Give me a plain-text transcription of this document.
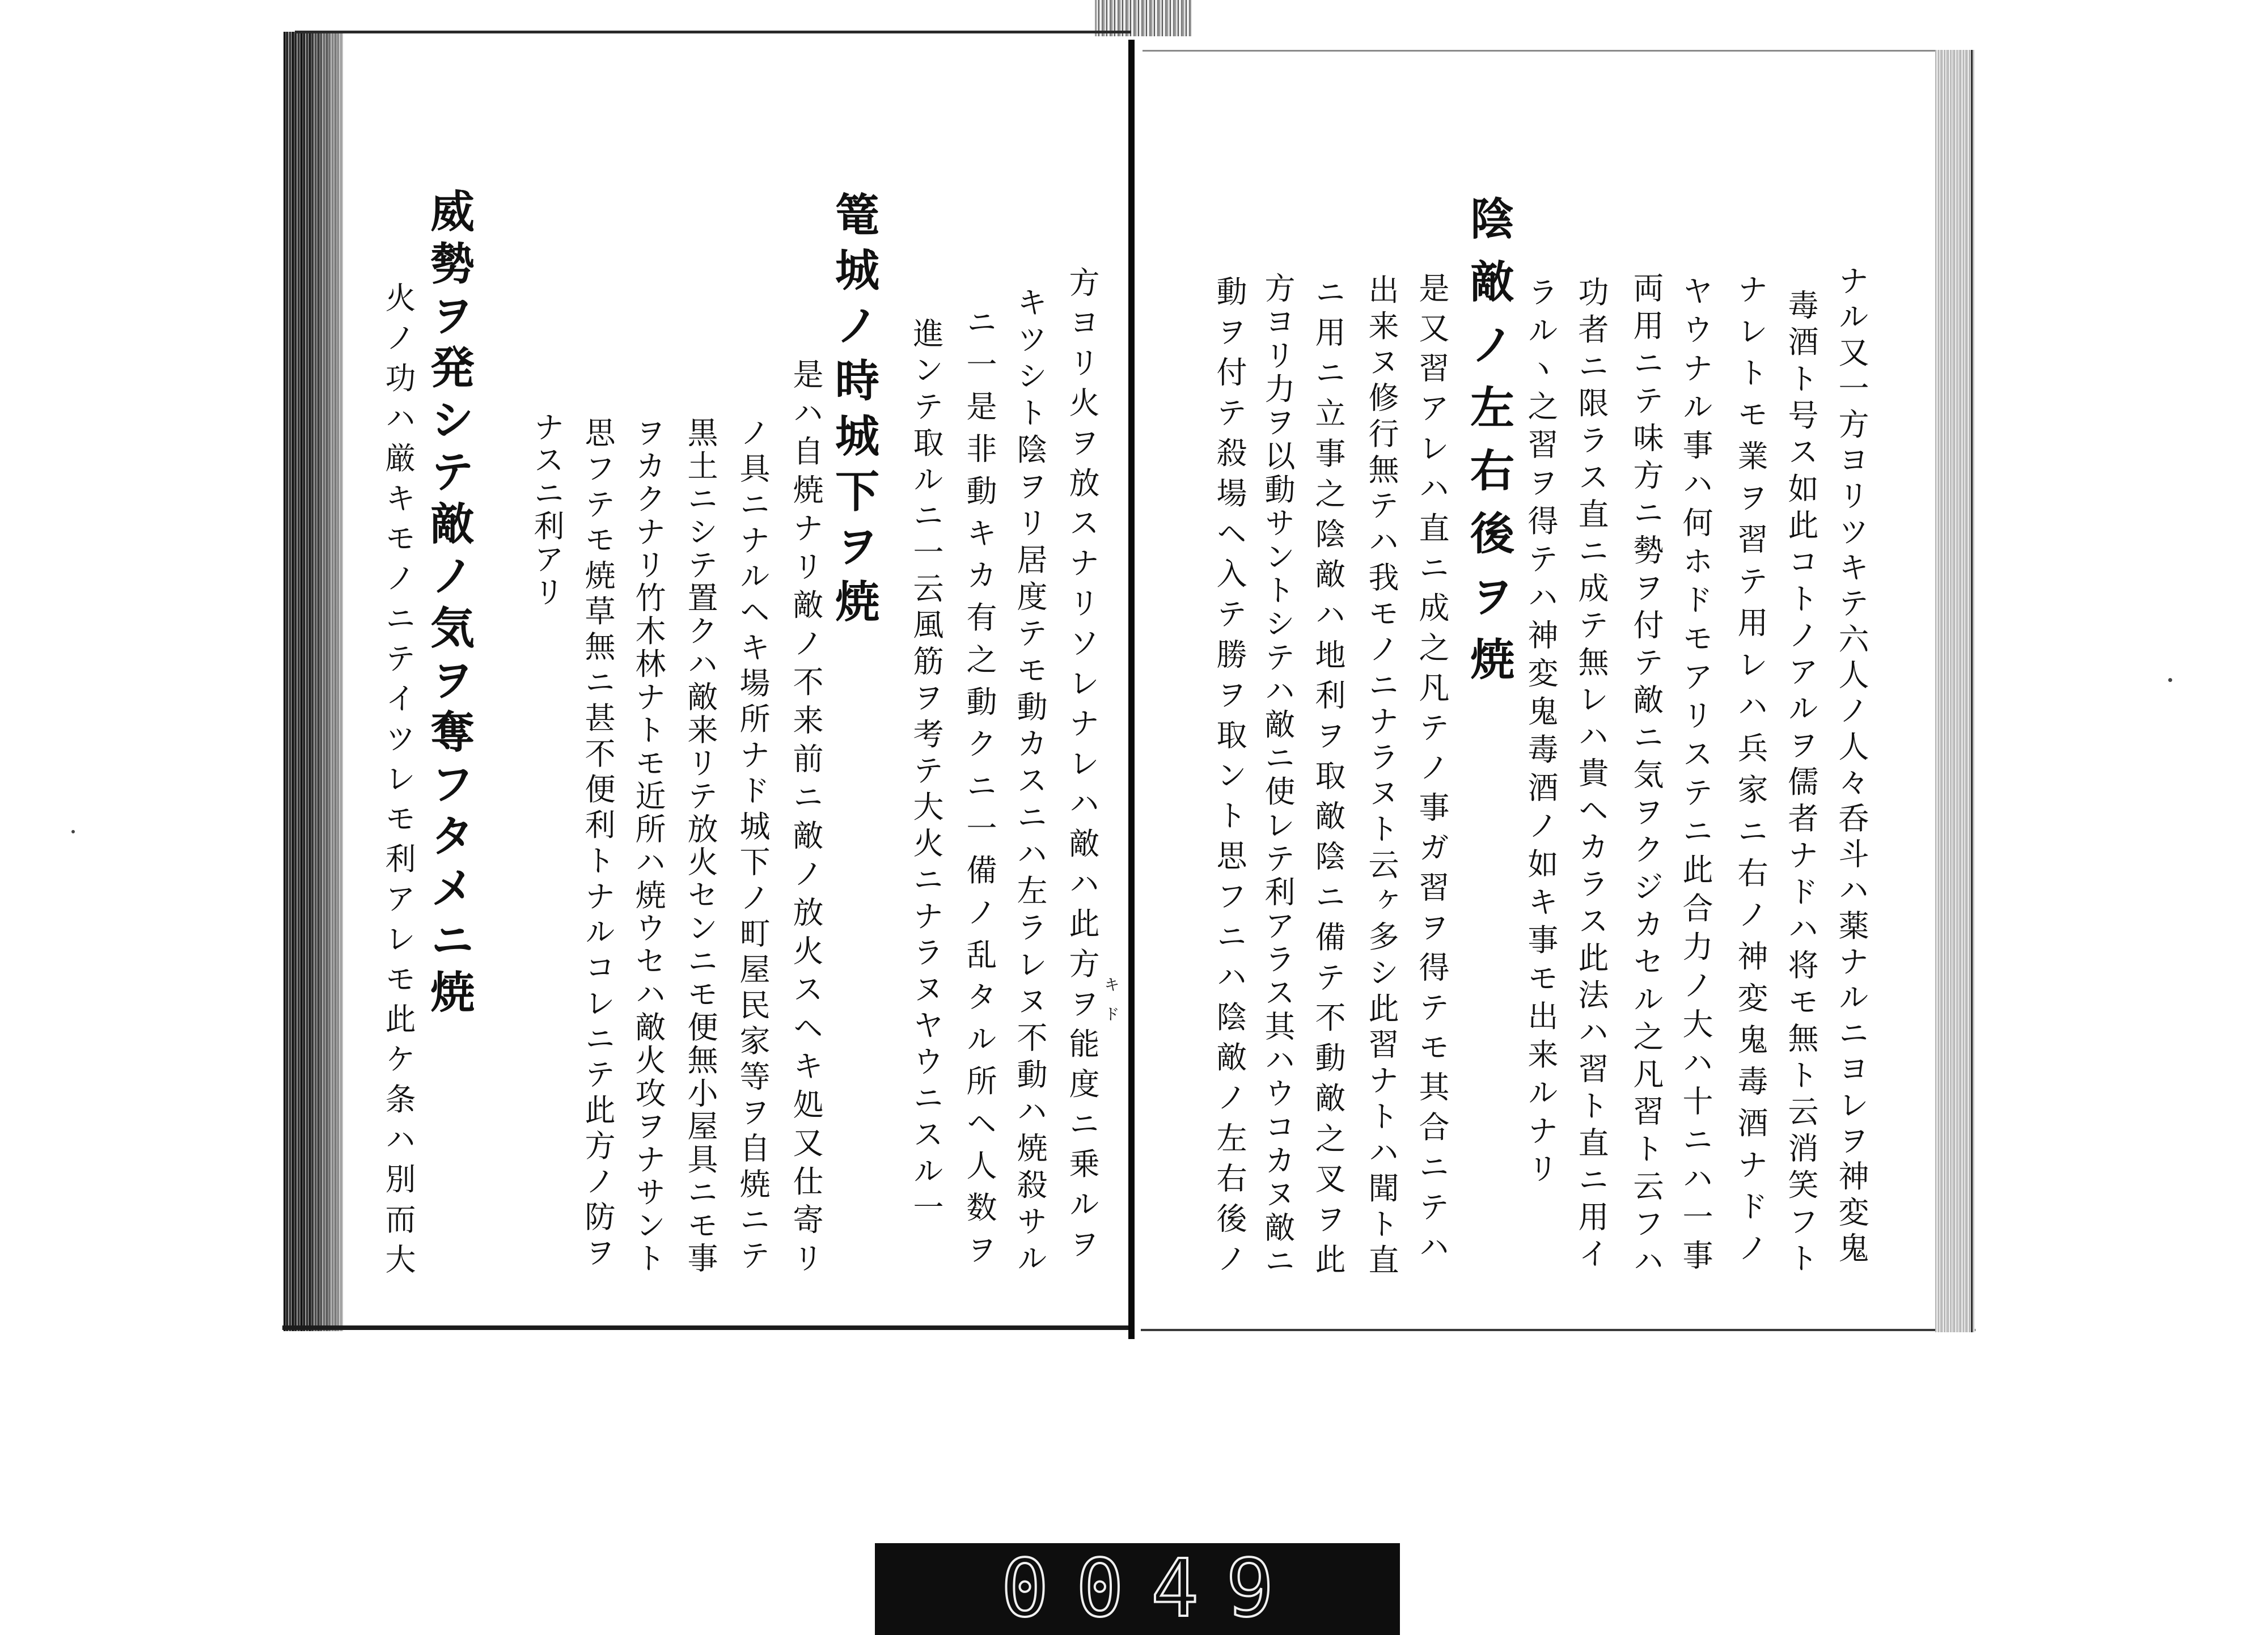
方ヨリ火ヲ放スナリソレナレハ敵ハ此方ヲ能度ニ乗ルヲ キド
キツシト陰ヲリ居度テモ動カスニハ左ラレヌ不動ハ焼殺サル
ニ一是非動キカ有之動クニ一備ノ乱タル所ヘ人数ヲ
進ンテ取ルニ一云風筋ヲ考テ大火ニナラヌヤウニスル一
篭城ノ時城下ヲ焼
是ハ自焼ナリ敵ノ不来前ニ敵ノ放火スヘキ処又仕寄リ
ノ具ニナルヘキ場所ナド城下ノ町屋民家等ヲ自焼ニテ
黒土ニシテ置クハ敵来リテ放火センニモ便無小屋具ニモ事
ヲカクナリ竹木林ナトモ近所ハ焼ウセハ敵火攻ヲナサント
思フテモ焼草無ニ甚不便利トナルコレニテ此方ノ防ヲ
ナスニ利アリ
威勢ヲ発シテ敵ノ気ヲ奪フタメニ焼
火ノ功ハ厳キモノニテイツレモ利アレモ此ケ条ハ別而大	ナル又一方ヨリツキテ六人ノ人々呑斗ハ薬ナルニヨレヲ神変鬼
毒酒ト号ス如此コトノアルヲ儒者ナドハ将モ無ト云消笑フト
ナレトモ業ヲ習テ用レハ兵家ニ右ノ神変鬼毒酒ナドノ
ヤウナル事ハ何ホドモアリステニ此合力ノ大ハ十ニハ一事
両用ニテ味方ニ勢ヲ付テ敵ニ気ヲクジカセル之凡習ト云フハ
功者ニ限ラス直ニ成テ無レハ貴ヘカラス此法ハ習ト直ニ用イ
ラルヽ之習ヲ得テハ神変鬼毒酒ノ如キ事モ出来ルナリ
陰敵ノ左右後ヲ焼
是又習アレハ直ニ成之凡テノ事ガ習ヲ得テモ其合ニテハ
出来ヌ修行無テハ我モノニナラヌト云ヶ多シ此習ナトハ聞ト直
ニ用ニ立事之陰敵ハ地利ヲ取敵陰ニ備テ不動敵之叉ヲ此
方ヨリ力ヲ以動サントシテハ敵ニ使レテ利アラス其ハウコカヌ敵ニ
動ヲ付テ殺場ヘ入テ勝ヲ取ント思フニハ陰敵ノ左右後ノ
0049
